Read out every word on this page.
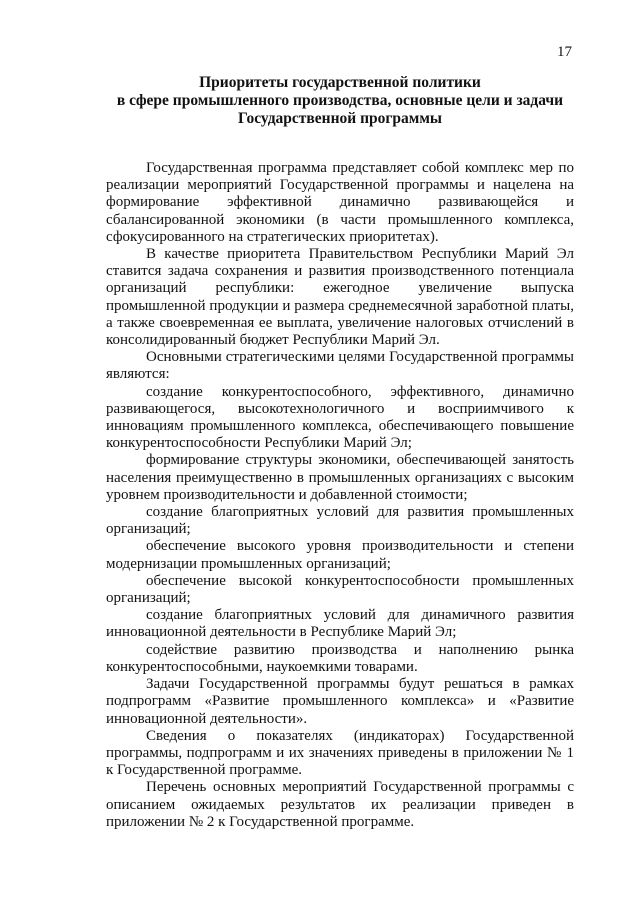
17
Приоритеты государственной политики
в сфере промышленного производства, основные цели и задачи
Государственной программы

Государственная программа представляет собой комплекс мер по реализации мероприятий Государственной программы и нацелена на формирование эффективной динамично развивающейся и сбалансированной экономики (в части промышленного комплекса, сфокусированного на стратегических приоритетах).

В качестве приоритета Правительством Республики Марий Эл ставится задача сохранения и развития производственного потенциала организаций республики: ежегодное увеличение выпуска промышленной продукции и размера среднемесячной заработной платы, а также своевременная ее выплата, увеличение налоговых отчислений в консолидированный бюджет Республики Марий Эл.

Основными стратегическими целями Государственной программы являются:

создание конкурентоспособного, эффективного, динамично развивающегося, высокотехнологичного и восприимчивого к инновациям промышленного комплекса, обеспечивающего повышение конкурентоспособности Республики Марий Эл;

формирование структуры экономики, обеспечивающей занятость населения преимущественно в промышленных организациях с высоким уровнем производительности и добавленной стоимости;

создание благоприятных условий для развития промышленных организаций;

обеспечение высокого уровня производительности и степени модернизации промышленных организаций;

обеспечение высокой конкурентоспособности промышленных организаций;

создание благоприятных условий для динамичного развития инновационной деятельности в Республике Марий Эл;

содействие развитию производства и наполнению рынка конкурентоспособными, наукоемкими товарами.

Задачи Государственной программы будут решаться в рамках подпрограмм «Развитие промышленного комплекса» и «Развитие инновационной деятельности».

Сведения о показателях (индикаторах) Государственной программы, подпрограмм и их значениях приведены в приложении № 1 к Государственной программе.

Перечень основных мероприятий Государственной программы с описанием ожидаемых результатов их реализации приведен в приложении № 2 к Государственной программе.
